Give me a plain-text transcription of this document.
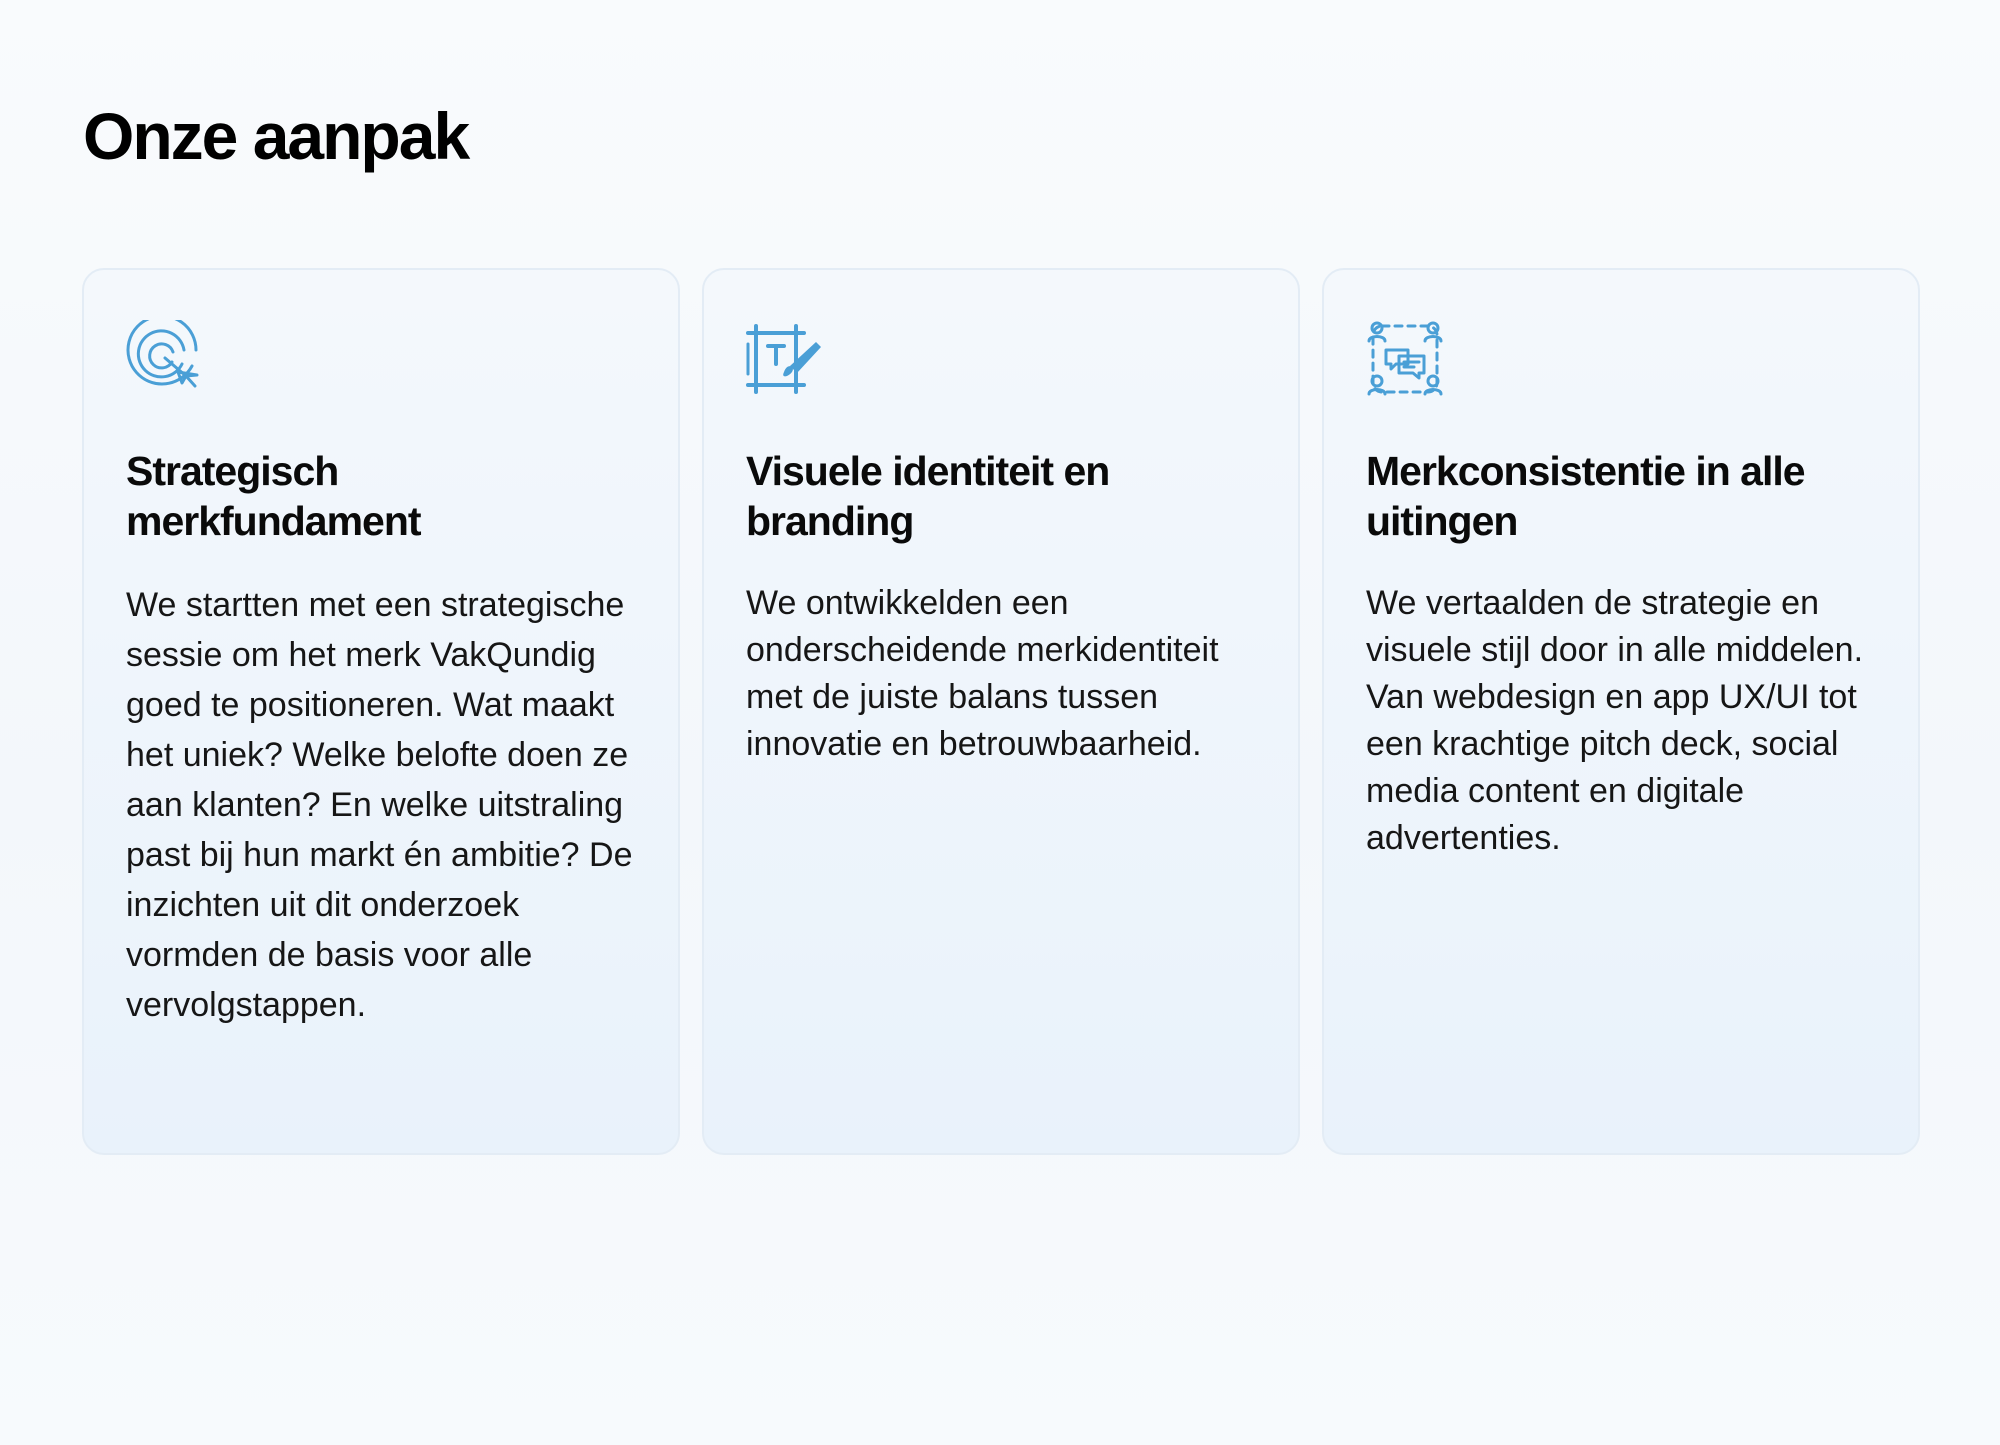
Onze aanpak
Strategisch merkfundament

We startten met een strategische sessie om het merk VakQundig goed te positioneren. Wat maakt het uniek? Welke belofte doen ze aan klanten? En welke uitstraling past bij hun markt én ambitie? De inzichten uit dit onderzoek vormden de basis voor alle vervolgstappen.

Visuele identiteit en branding

We ontwikkelden een onderscheidende merkidentiteit met de juiste balans tussen innovatie en betrouwbaarheid.

Merkconsistentie in alle uitingen

We vertaalden de strategie en visuele stijl door in alle middelen. Van webdesign en app UX/UI tot een krachtige pitch deck, social media content en digitale advertenties.
